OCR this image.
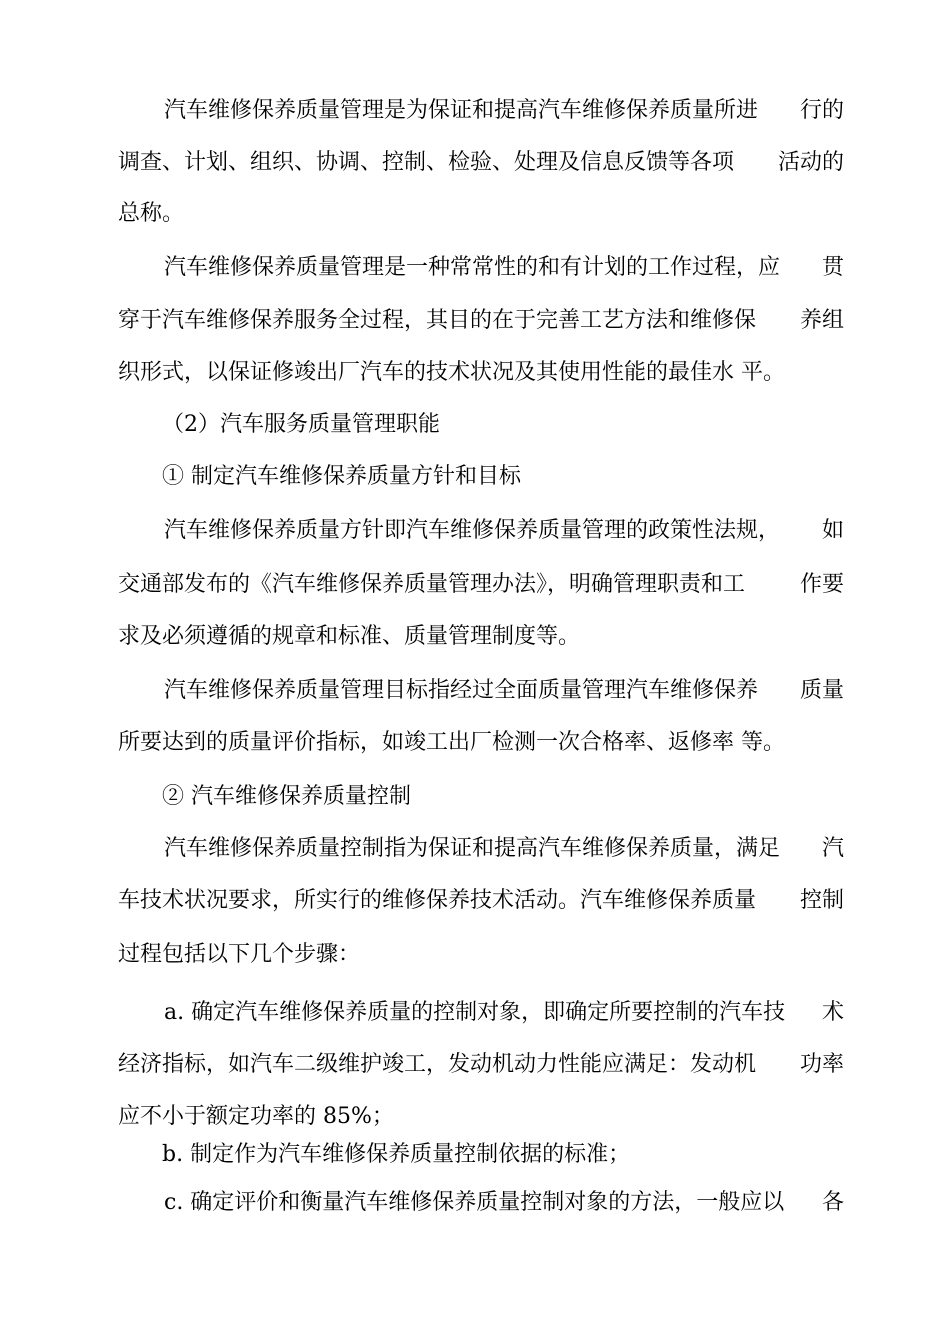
汽车维修保养质量管理是为保证和提高汽车维修保养质量所进 行的
调查、计划、组织、协调、控制、检验、处理及信息反馈等各项 活动的
总称。
汽车维修保养质量管理是一种常常性的和有计划的工作过程，应 贯
穿于汽车维修保养服务全过程，其目的在于完善工艺方法和维修保 养组
织形式，以保证修竣出厂汽车的技术状况及其使用性能的最佳水 平。
（2）汽车服务质量管理职能
① 制定汽车维修保养质量方针和目标
汽车维修保养质量方针即汽车维修保养质量管理的政策性法规， 如
交通部发布的《汽车维修保养质量管理办法》，明确管理职责和工 作要
求及必须遵循的规章和标准、质量管理制度等。
汽车维修保养质量管理目标指经过全面质量管理汽车维修保养 质量
所要达到的质量评价指标，如竣工出厂检测一次合格率、返修率 等。
② 汽车维修保养质量控制
汽车维修保养质量控制指为保证和提高汽车维修保养质量，满足 汽
车技术状况要求，所实行的维修保养技术活动。汽车维修保养质量 控制
过程包括以下几个步骤：
a. 确定汽车维修保养质量的控制对象，即确定所要控制的汽车技 术
经济指标，如汽车二级维护竣工，发动机动力性能应满足：发动机 功率
应不小于额定功率的 85%；
b. 制定作为汽车维修保养质量控制依据的标准；
c. 确定评价和衡量汽车维修保养质量控制对象的方法，一般应以 各
